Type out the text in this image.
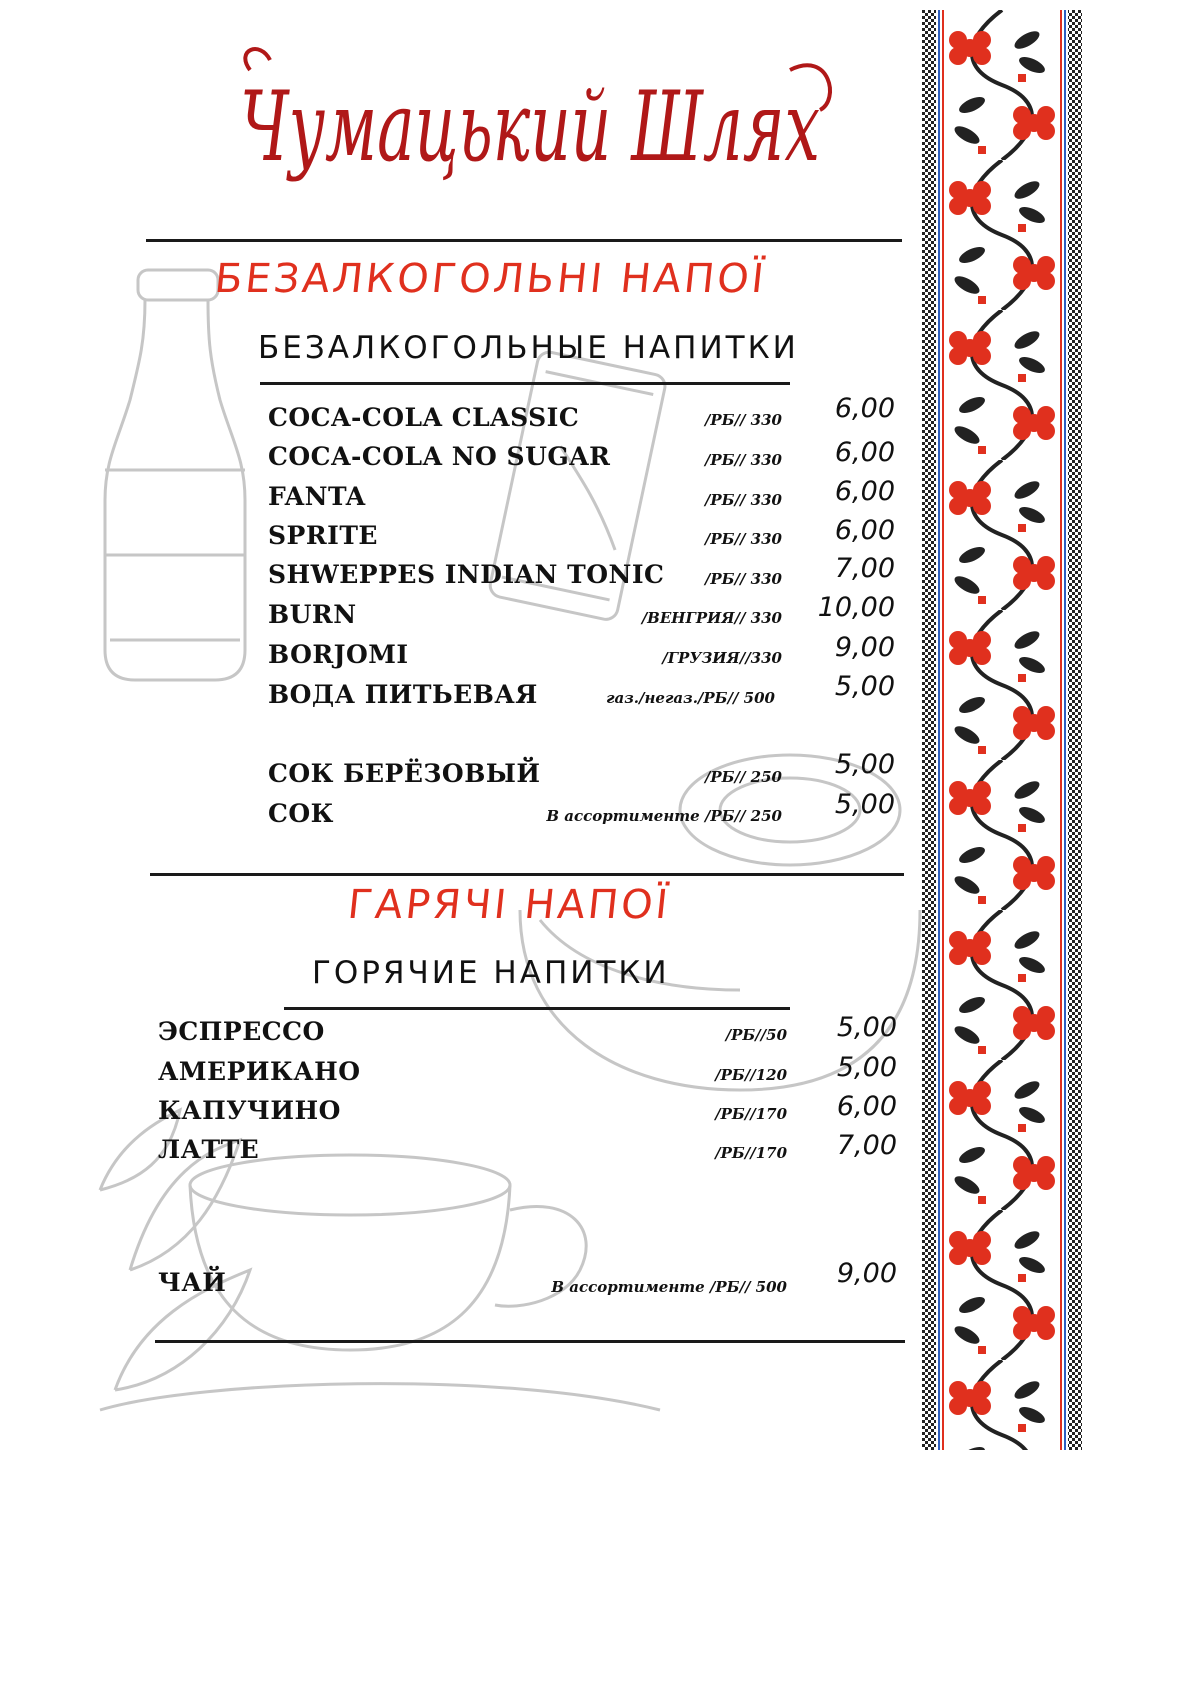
Чумацький Шлях
БЕЗАЛКОГОЛЬНІ НАПОЇ
БЕЗАЛКОГОЛЬНЫЕ НАПИТКИ
COCA-COLA CLASSIC	/РБ// 330	6,00
COCA-COLA NO SUGAR	/РБ// 330	6,00
FANTA	/РБ// 330	6,00
SPRITE	/РБ// 330	6,00
SHWEPPES INDIAN TONIC	/РБ// 330	7,00
BURN	/ВЕНГРИЯ// 330	10,00
BORJOMI	/ГРУЗИЯ//330	9,00
ВОДА ПИТЬЕВАЯ	газ./негаз./РБ// 500	5,00
СОК БЕРЁЗОВЫЙ	/РБ// 250	5,00
СОК	В ассортименте /РБ// 250	5,00
ГАРЯЧІ НАПОЇ
ГОРЯЧИЕ НАПИТКИ
ЭСПРЕССО	/РБ//50	5,00
АМЕРИКАНО	/РБ//120	5,00
КАПУЧИНО	/РБ//170	6,00
ЛАТТЕ	/РБ//170	7,00
ЧАЙ	В ассортименте /РБ// 500	9,00
